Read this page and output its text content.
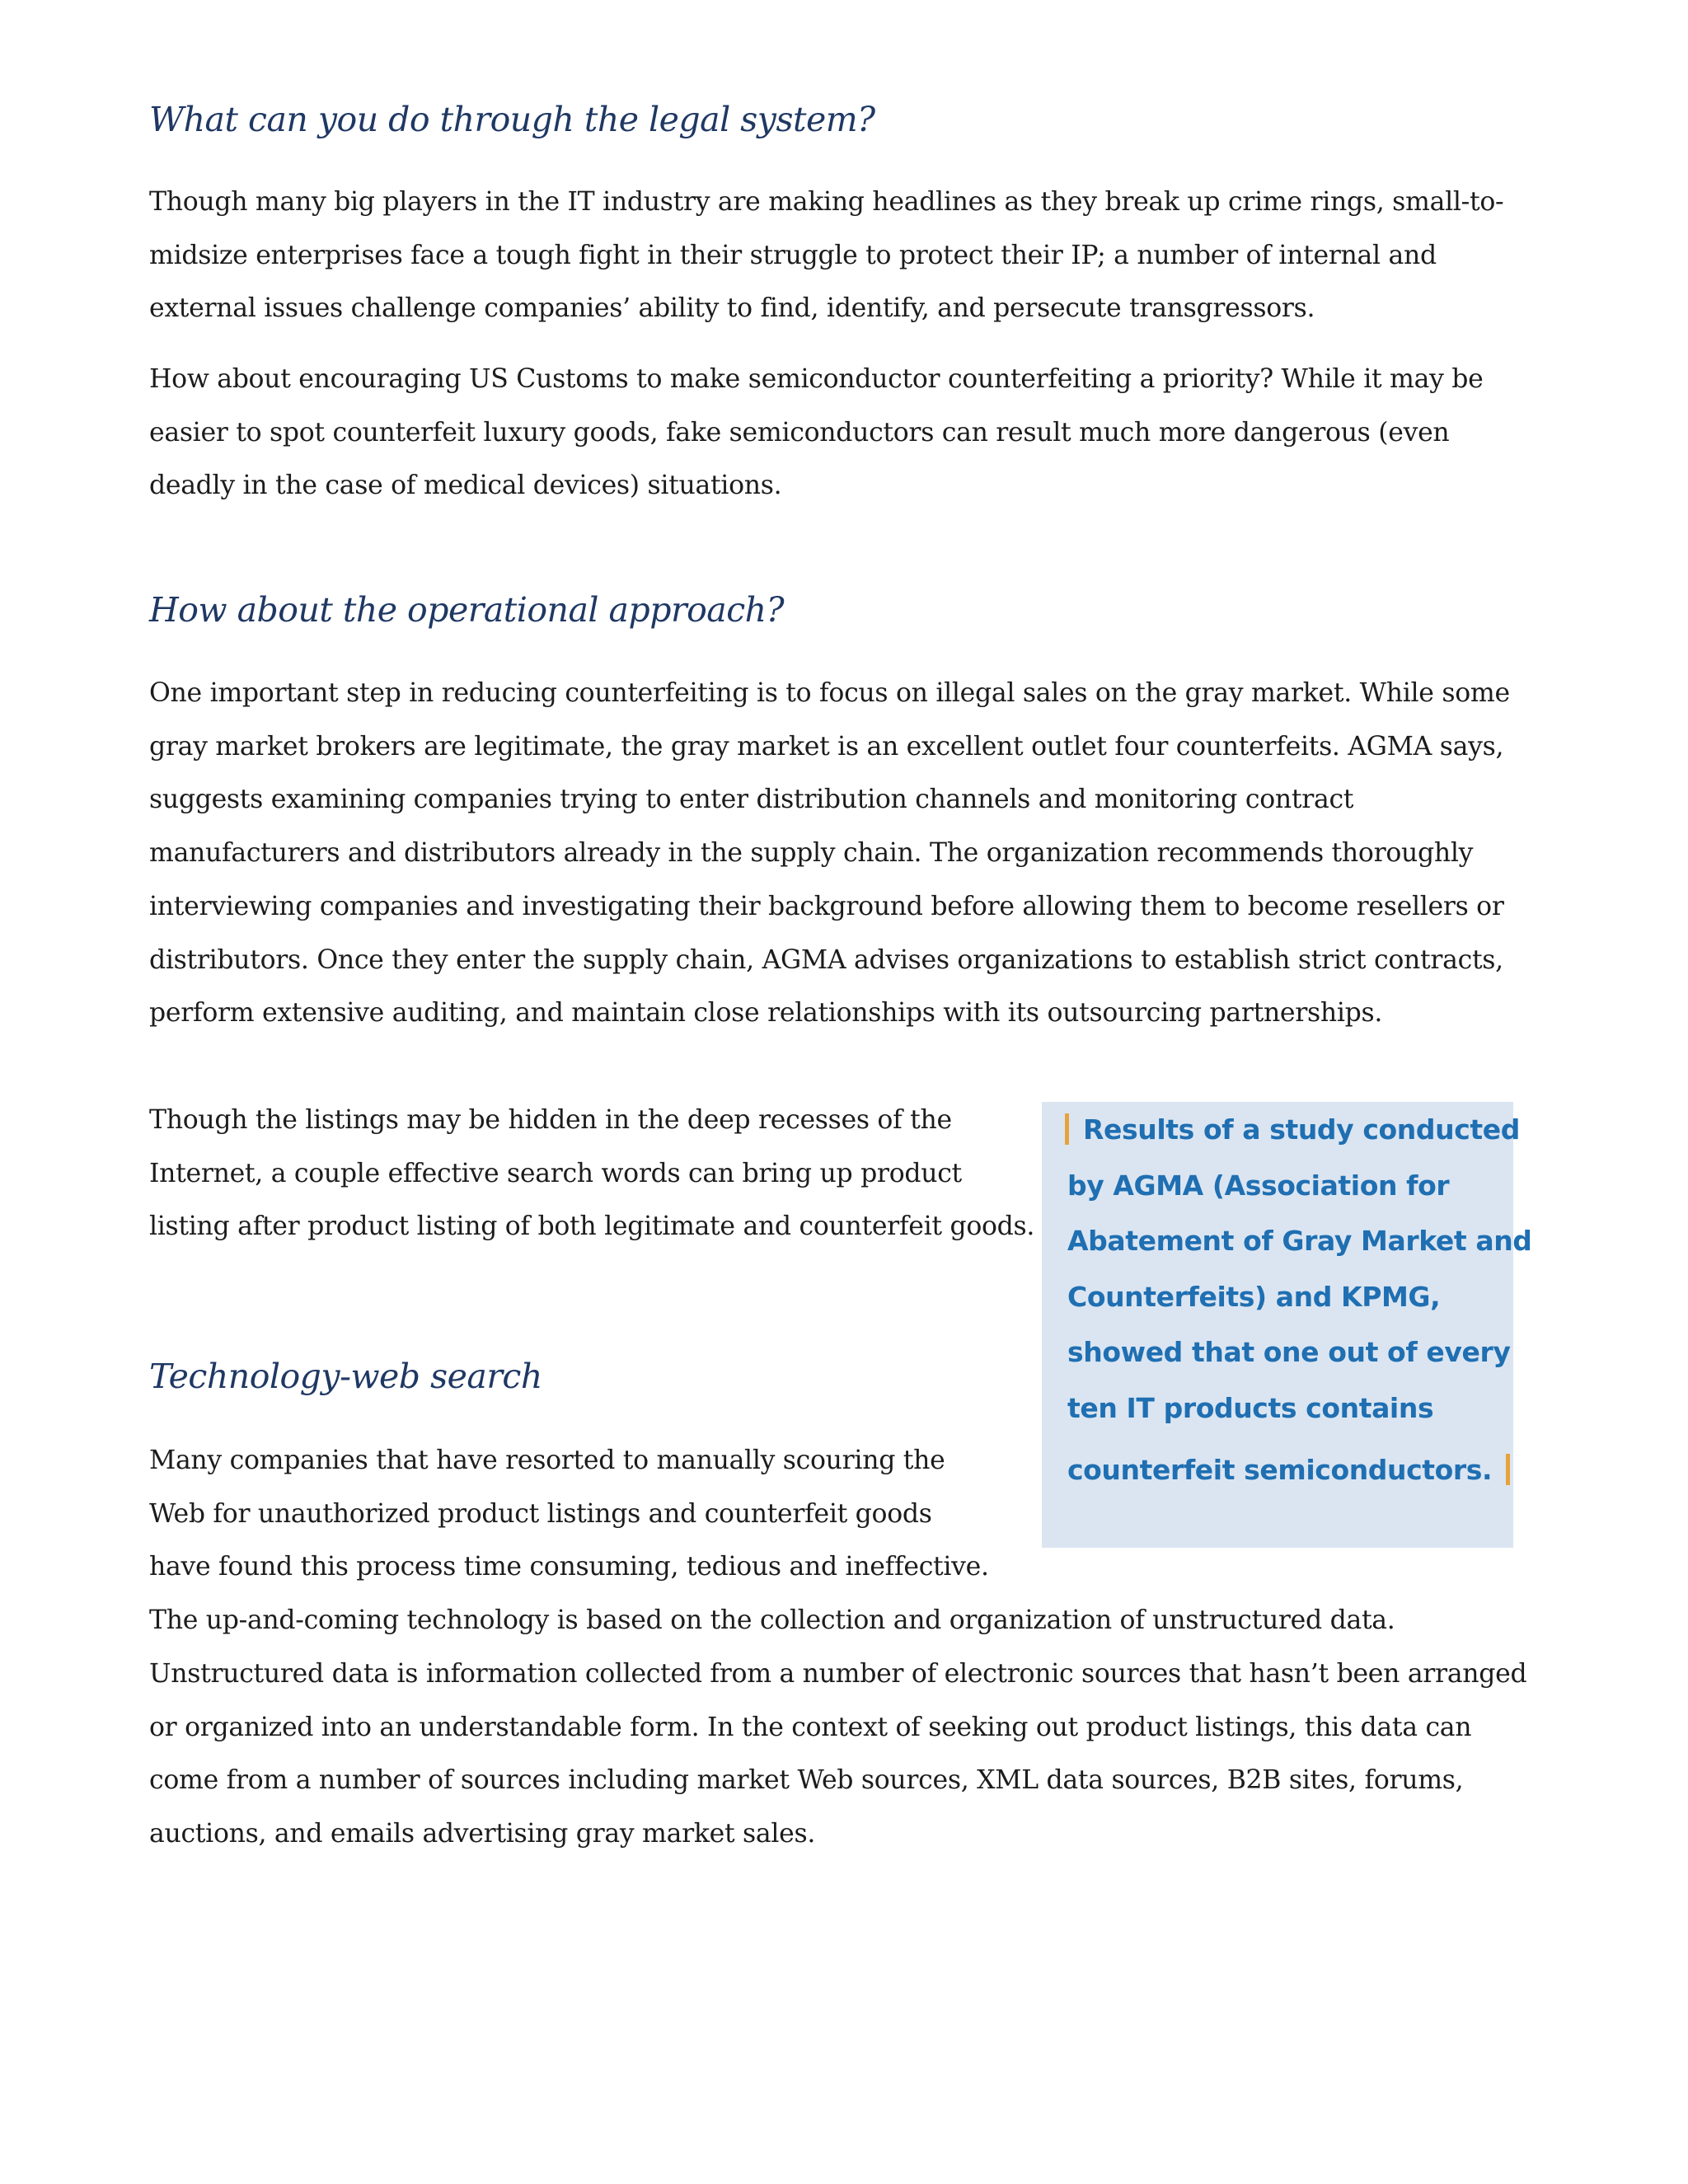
What can you do through the legal system?

Though many big players in the IT industry are making headlines as they break up crime rings, small-to-
midsize enterprises face a tough fight in their struggle to protect their IP; a number of internal and
external issues challenge companies’ ability to find, identify, and persecute transgressors.

How about encouraging US Customs to make semiconductor counterfeiting a priority? While it may be
easier to spot counterfeit luxury goods, fake semiconductors can result much more dangerous (even
deadly in the case of medical devices) situations.

How about the operational approach?

One important step in reducing counterfeiting is to focus on illegal sales on the gray market. While some
gray market brokers are legitimate, the gray market is an excellent outlet four counterfeits. AGMA says,
suggests examining companies trying to enter distribution channels and monitoring contract
manufacturers and distributors already in the supply chain. The organization recommends thoroughly
interviewing companies and investigating their background before allowing them to become resellers or
distributors. Once they enter the supply chain, AGMA advises organizations to establish strict contracts,
perform extensive auditing, and maintain close relationships with its outsourcing partnerships.

Though the listings may be hidden in the deep recesses of the
Internet, a couple effective search words can bring up product
listing after product listing of both legitimate and counterfeit goods.

Technology-web search

Many companies that have resorted to manually scouring the
Web for unauthorized product listings and counterfeit goods
have found this process time consuming, tedious and ineffective.
The up-and-coming technology is based on the collection and organization of unstructured data.
Unstructured data is information collected from a number of electronic sources that hasn’t been arranged
or organized into an understandable form. In the context of seeking out product listings, this data can
come from a number of sources including market Web sources, XML data sources, B2B sites, forums,
auctions, and emails advertising gray market sales.

Results of a study conducted
by AGMA (Association for
Abatement of Gray Market and
Counterfeits) and KPMG,
showed that one out of every
ten IT products contains
counterfeit semiconductors.
